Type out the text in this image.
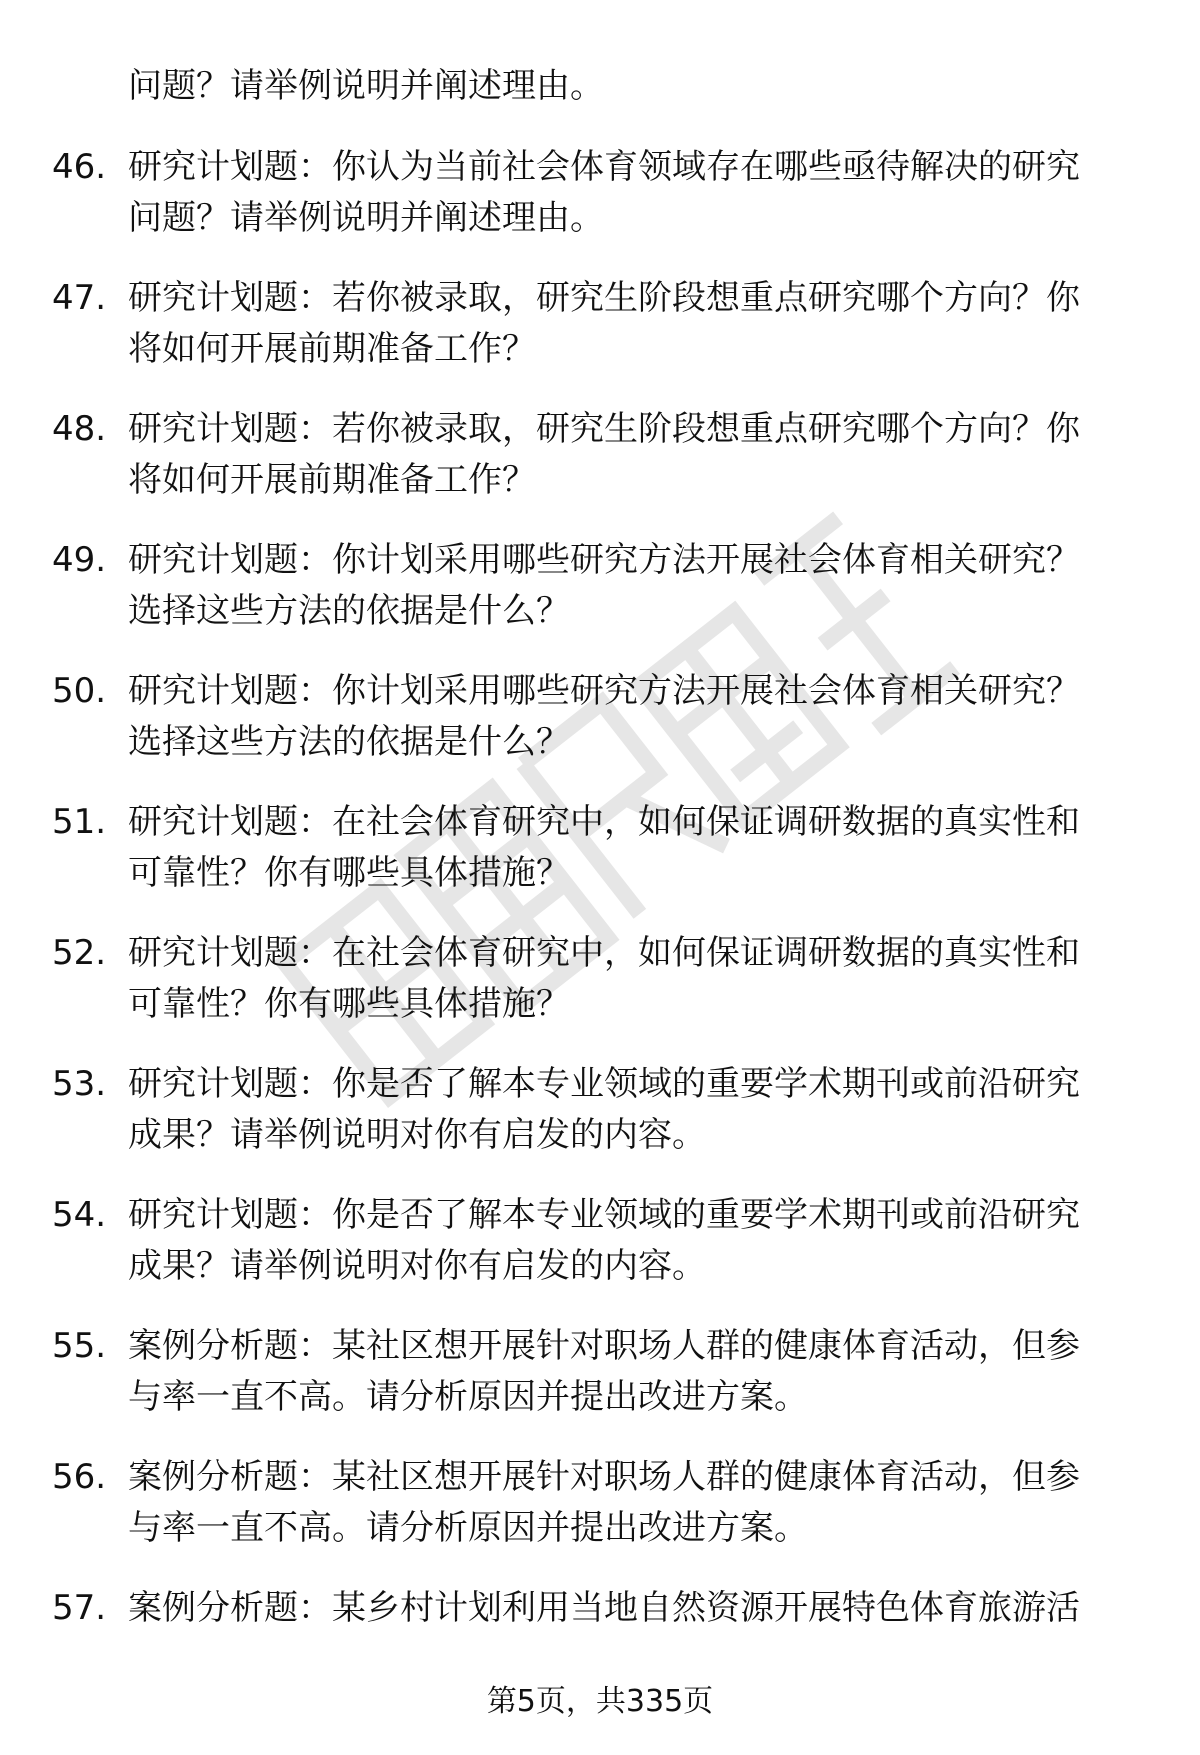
问题？请举例说明并阐述理由。
46. 研究计划题：你认为当前社会体育领域存在哪些亟待解决的研究
问题？请举例说明并阐述理由。
47. 研究计划题：若你被录取，研究生阶段想重点研究哪个方向？你
将如何开展前期准备工作？
48. 研究计划题：若你被录取，研究生阶段想重点研究哪个方向？你
将如何开展前期准备工作？
49. 研究计划题：你计划采用哪些研究方法开展社会体育相关研究？
选择这些方法的依据是什么？
50. 研究计划题：你计划采用哪些研究方法开展社会体育相关研究？
选择这些方法的依据是什么？
51. 研究计划题：在社会体育研究中，如何保证调研数据的真实性和
可靠性？你有哪些具体措施？
52. 研究计划题：在社会体育研究中，如何保证调研数据的真实性和
可靠性？你有哪些具体措施？
53. 研究计划题：你是否了解本专业领域的重要学术期刊或前沿研究
成果？请举例说明对你有启发的内容。
54. 研究计划题：你是否了解本专业领域的重要学术期刊或前沿研究
成果？请举例说明对你有启发的内容。
55. 案例分析题：某社区想开展针对职场人群的健康体育活动，但参
与率一直不高。请分析原因并提出改进方案。
56. 案例分析题：某社区想开展针对职场人群的健康体育活动，但参
与率一直不高。请分析原因并提出改进方案。
57. 案例分析题：某乡村计划利用当地自然资源开展特色体育旅游活
第5页，共335页
